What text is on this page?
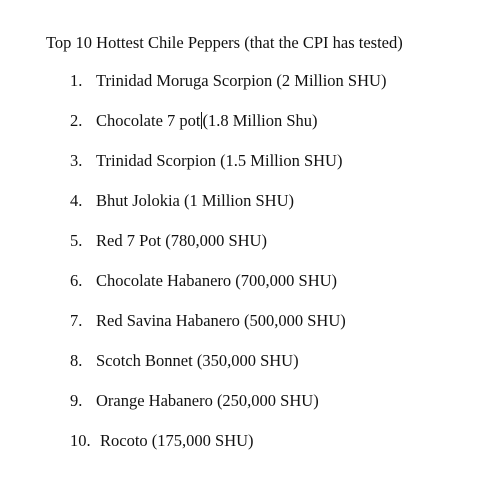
Top 10 Hottest Chile Peppers (that the CPI has tested)
1. Trinidad Moruga Scorpion (2 Million SHU)
2. Chocolate 7 pot (1.8 Million Shu)
3. Trinidad Scorpion (1.5 Million SHU)
4. Bhut Jolokia (1 Million SHU)
5. Red 7 Pot (780,000 SHU)
6. Chocolate Habanero (700,000 SHU)
7. Red Savina Habanero (500,000 SHU)
8. Scotch Bonnet (350,000 SHU)
9. Orange Habanero (250,000 SHU)
10. Rocoto (175,000 SHU)
